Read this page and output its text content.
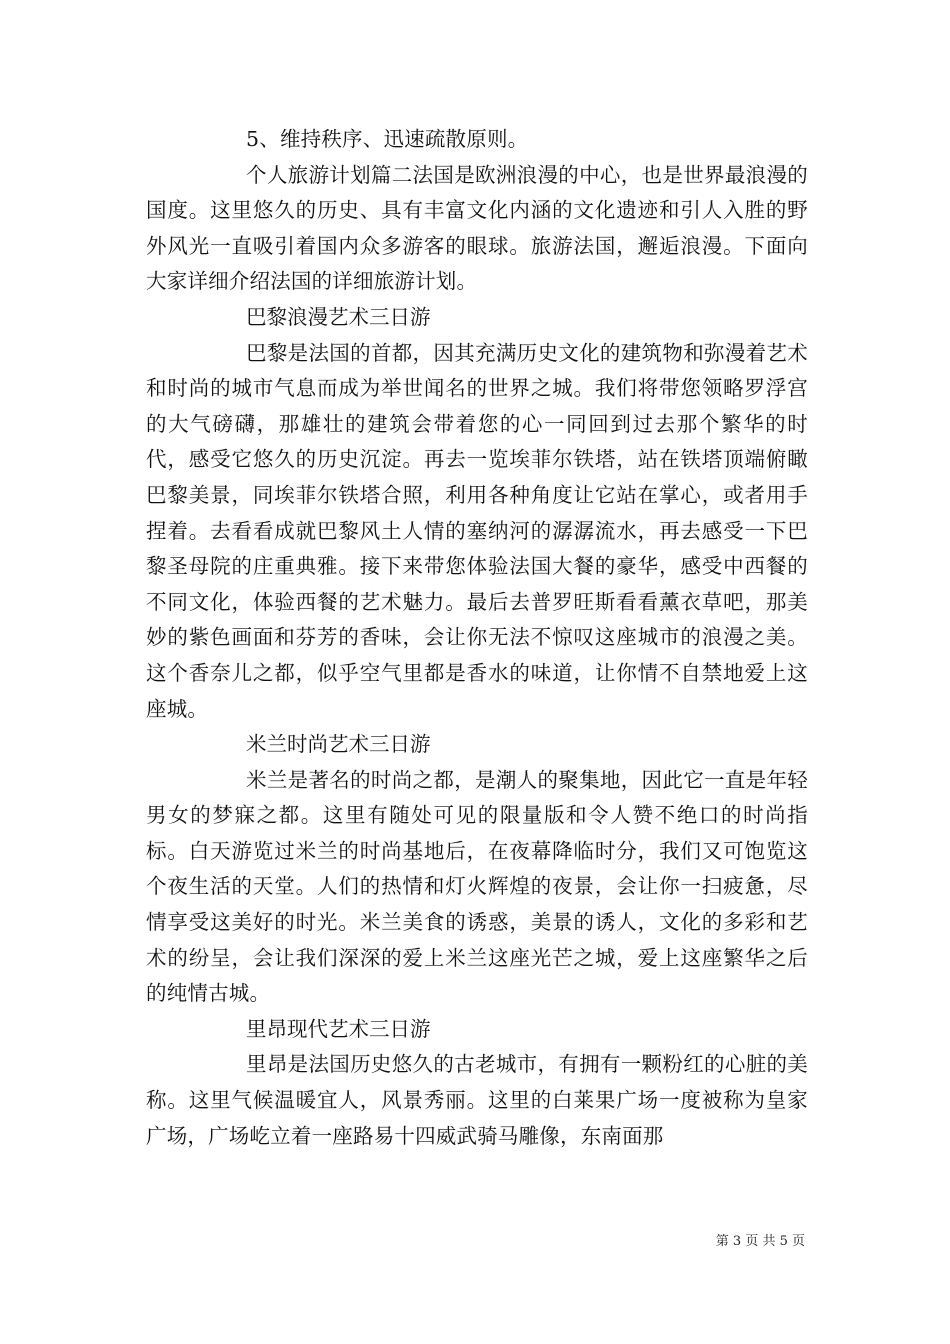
5、维持秩序、迅速疏散原则。

个人旅游计划篇二法国是欧洲浪漫的中心，也是世界最浪漫的国度。这里悠久的历史、具有丰富文化内涵的文化遗迹和引人入胜的野外风光一直吸引着国内众多游客的眼球。旅游法国，邂逅浪漫。下面向大家详细介绍法国的详细旅游计划。

巴黎浪漫艺术三日游

巴黎是法国的首都，因其充满历史文化的建筑物和弥漫着艺术和时尚的城市气息而成为举世闻名的世界之城。我们将带您领略罗浮宫的大气磅礴，那雄壮的建筑会带着您的心一同回到过去那个繁华的时代，感受它悠久的历史沉淀。再去一览埃菲尔铁塔，站在铁塔顶端俯瞰巴黎美景，同埃菲尔铁塔合照，利用各种角度让它站在掌心，或者用手捏着。去看看成就巴黎风土人情的塞纳河的潺潺流水，再去感受一下巴黎圣母院的庄重典雅。接下来带您体验法国大餐的豪华，感受中西餐的不同文化，体验西餐的艺术魅力。最后去普罗旺斯看看薰衣草吧，那美妙的紫色画面和芬芳的香味，会让你无法不惊叹这座城市的浪漫之美。这个香奈儿之都，似乎空气里都是香水的味道，让你情不自禁地爱上这座城。

米兰时尚艺术三日游

米兰是著名的时尚之都，是潮人的聚集地，因此它一直是年轻男女的梦寐之都。这里有随处可见的限量版和令人赞不绝口的时尚指标。白天游览过米兰的时尚基地后，在夜幕降临时分，我们又可饱览这个夜生活的天堂。人们的热情和灯火辉煌的夜景，会让你一扫疲惫，尽情享受这美好的时光。米兰美食的诱惑，美景的诱人，文化的多彩和艺术的纷呈，会让我们深深的爱上米兰这座光芒之城，爱上这座繁华之后的纯情古城。

里昂现代艺术三日游

里昂是法国历史悠久的古老城市，有拥有一颗粉红的心脏的美称。这里气候温暖宜人，风景秀丽。这里的白莱果广场一度被称为皇家广场，广场屹立着一座路易十四威武骑马雕像，东南面那

第 3 页 共 5 页
